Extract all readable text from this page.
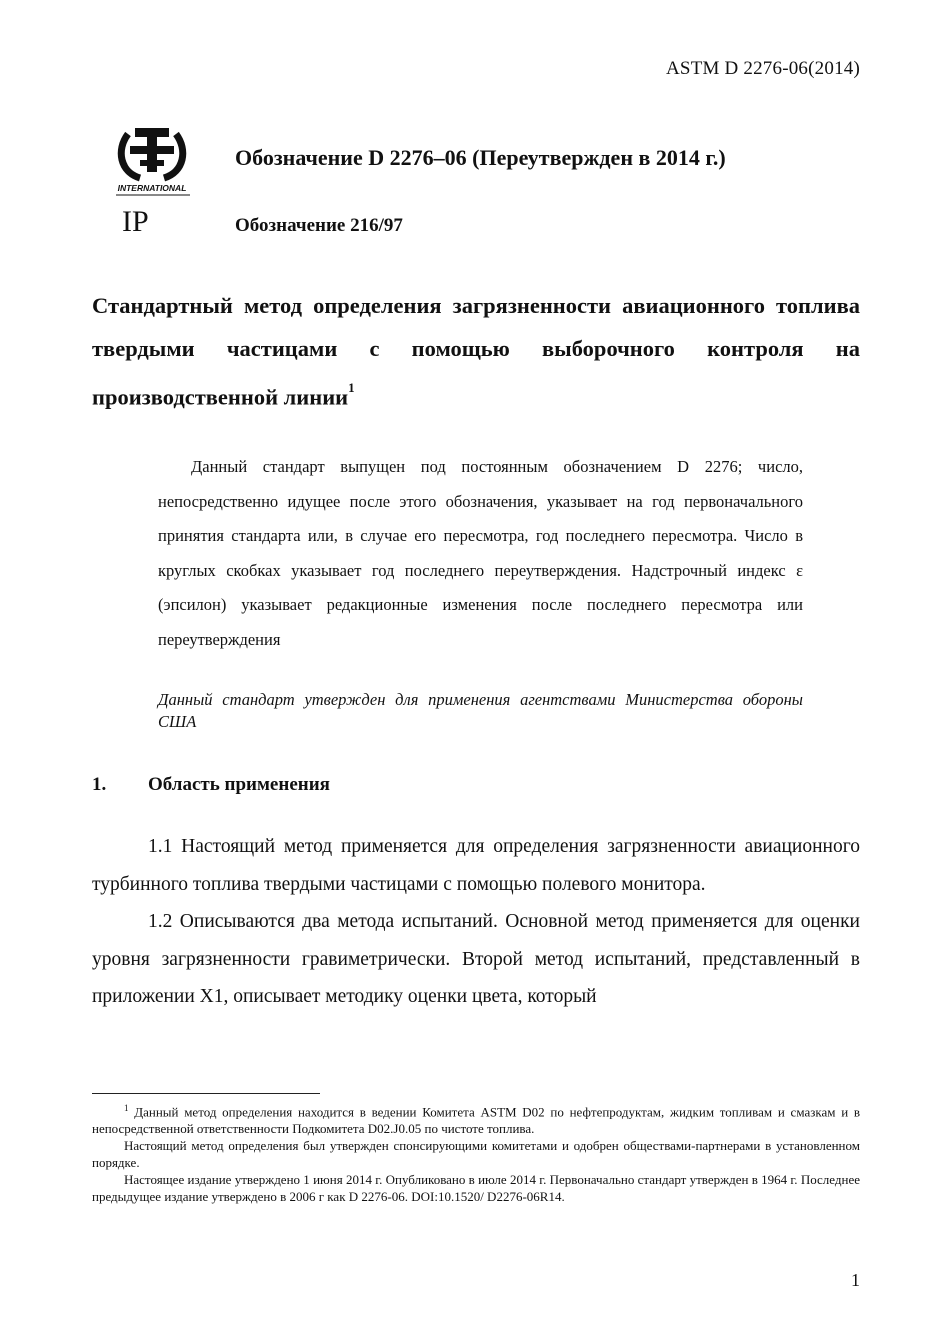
ASTM D 2276-06(2014)
INTERNATIONAL
IP
Обозначение D 2276–06 (Переутвержден в 2014 г.)
Обозначение 216/97
Стандартный метод определения загрязненности авиационного топлива твердыми частицами с помощью выборочного контроля на производственной линии$^1$
Данный стандарт выпущен под постоянным обозначением D 2276; число, непосредственно идущее после этого обозначения, указывает на год первоначального принятия стандарта или, в случае его пересмотра, год последнего пересмотра. Число в круглых скобках указывает год последнего переутверждения. Надстрочный индекс ε (эпсилон) указывает редакционные изменения после последнего пересмотра или переутверждения
Данный стандарт утвержден для применения агентствами Министерства обороны США
1. Область применения

1.1 Настоящий метод применяется для определения загрязненности авиационного турбинного топлива твердыми частицами с помощью полевого монитора.

1.2 Описываются два метода испытаний. Основной метод применяется для оценки уровня загрязненности гравиметрически. Второй метод испытаний, представленный в приложении X1, описывает методику оценки цвета, который

$^1$ Данный метод определения находится в ведении Комитета ASTM D02 по нефтепродуктам, жидким топливам и смазкам и в непосредственной ответственности Подкомитета D02.J0.05 по чистоте топлива.

Настоящий метод определения был утвержден спонсирующими комитетами и одобрен обществами-партнерами в установленном порядке.

Настоящее издание утверждено 1 июня 2014 г. Опубликовано в июле 2014 г. Первоначально стандарт утвержден в 1964 г. Последнее предыдущее издание утверждено в 2006 г как D 2276-06. DOI:10.1520/ D2276-06R14.

1
